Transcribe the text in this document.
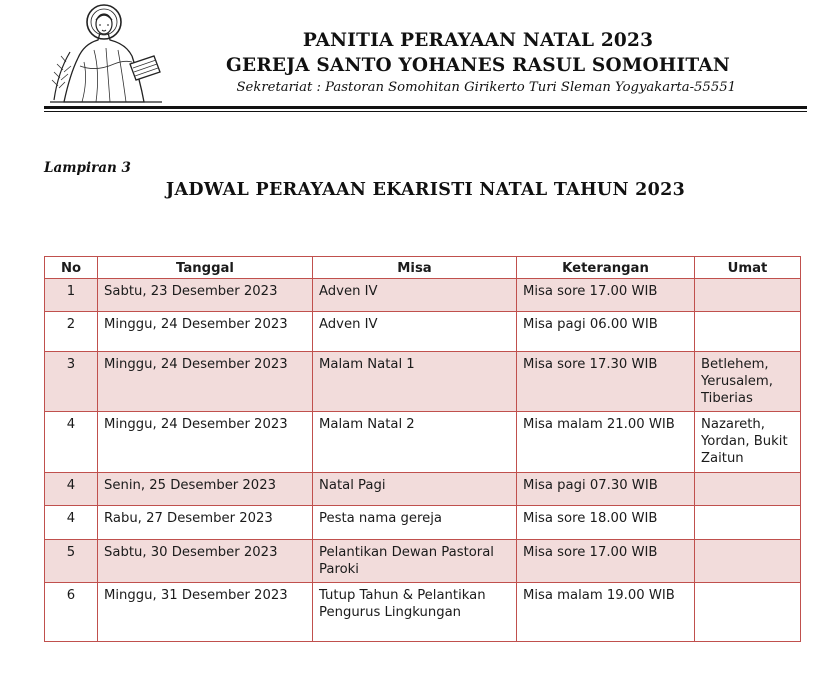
PANITIA PERAYAAN NATAL 2023
GEREJA SANTO YOHANES RASUL SOMOHITAN
Sekretariat : Pastoran Somohitan Girikerto Turi Sleman Yogyakarta-55551
Lampiran 3
JADWAL PERAYAAN EKARISTI NATAL TAHUN 2023
No	Tanggal	Misa	Keterangan	Umat
1	Sabtu, 23 Desember 2023	Adven IV	Misa sore 17.00 WIB	
2	Minggu, 24 Desember 2023	Adven IV	Misa pagi 06.00 WIB	
3	Minggu, 24 Desember 2023	Malam Natal 1	Misa sore 17.30 WIB	Betlehem, Yerusalem, Tiberias
4	Minggu, 24 Desember 2023	Malam Natal 2	Misa malam 21.00 WIB	Nazareth, Yordan, Bukit Zaitun
4	Senin, 25 Desember 2023	Natal Pagi	Misa pagi 07.30 WIB	
4	Rabu, 27 Desember 2023	Pesta nama gereja	Misa sore 18.00 WIB	
5	Sabtu, 30 Desember 2023	Pelantikan Dewan Pastoral Paroki	Misa sore 17.00 WIB	
6	Minggu, 31 Desember 2023	Tutup Tahun & Pelantikan Pengurus Lingkungan	Misa malam 19.00 WIB	
